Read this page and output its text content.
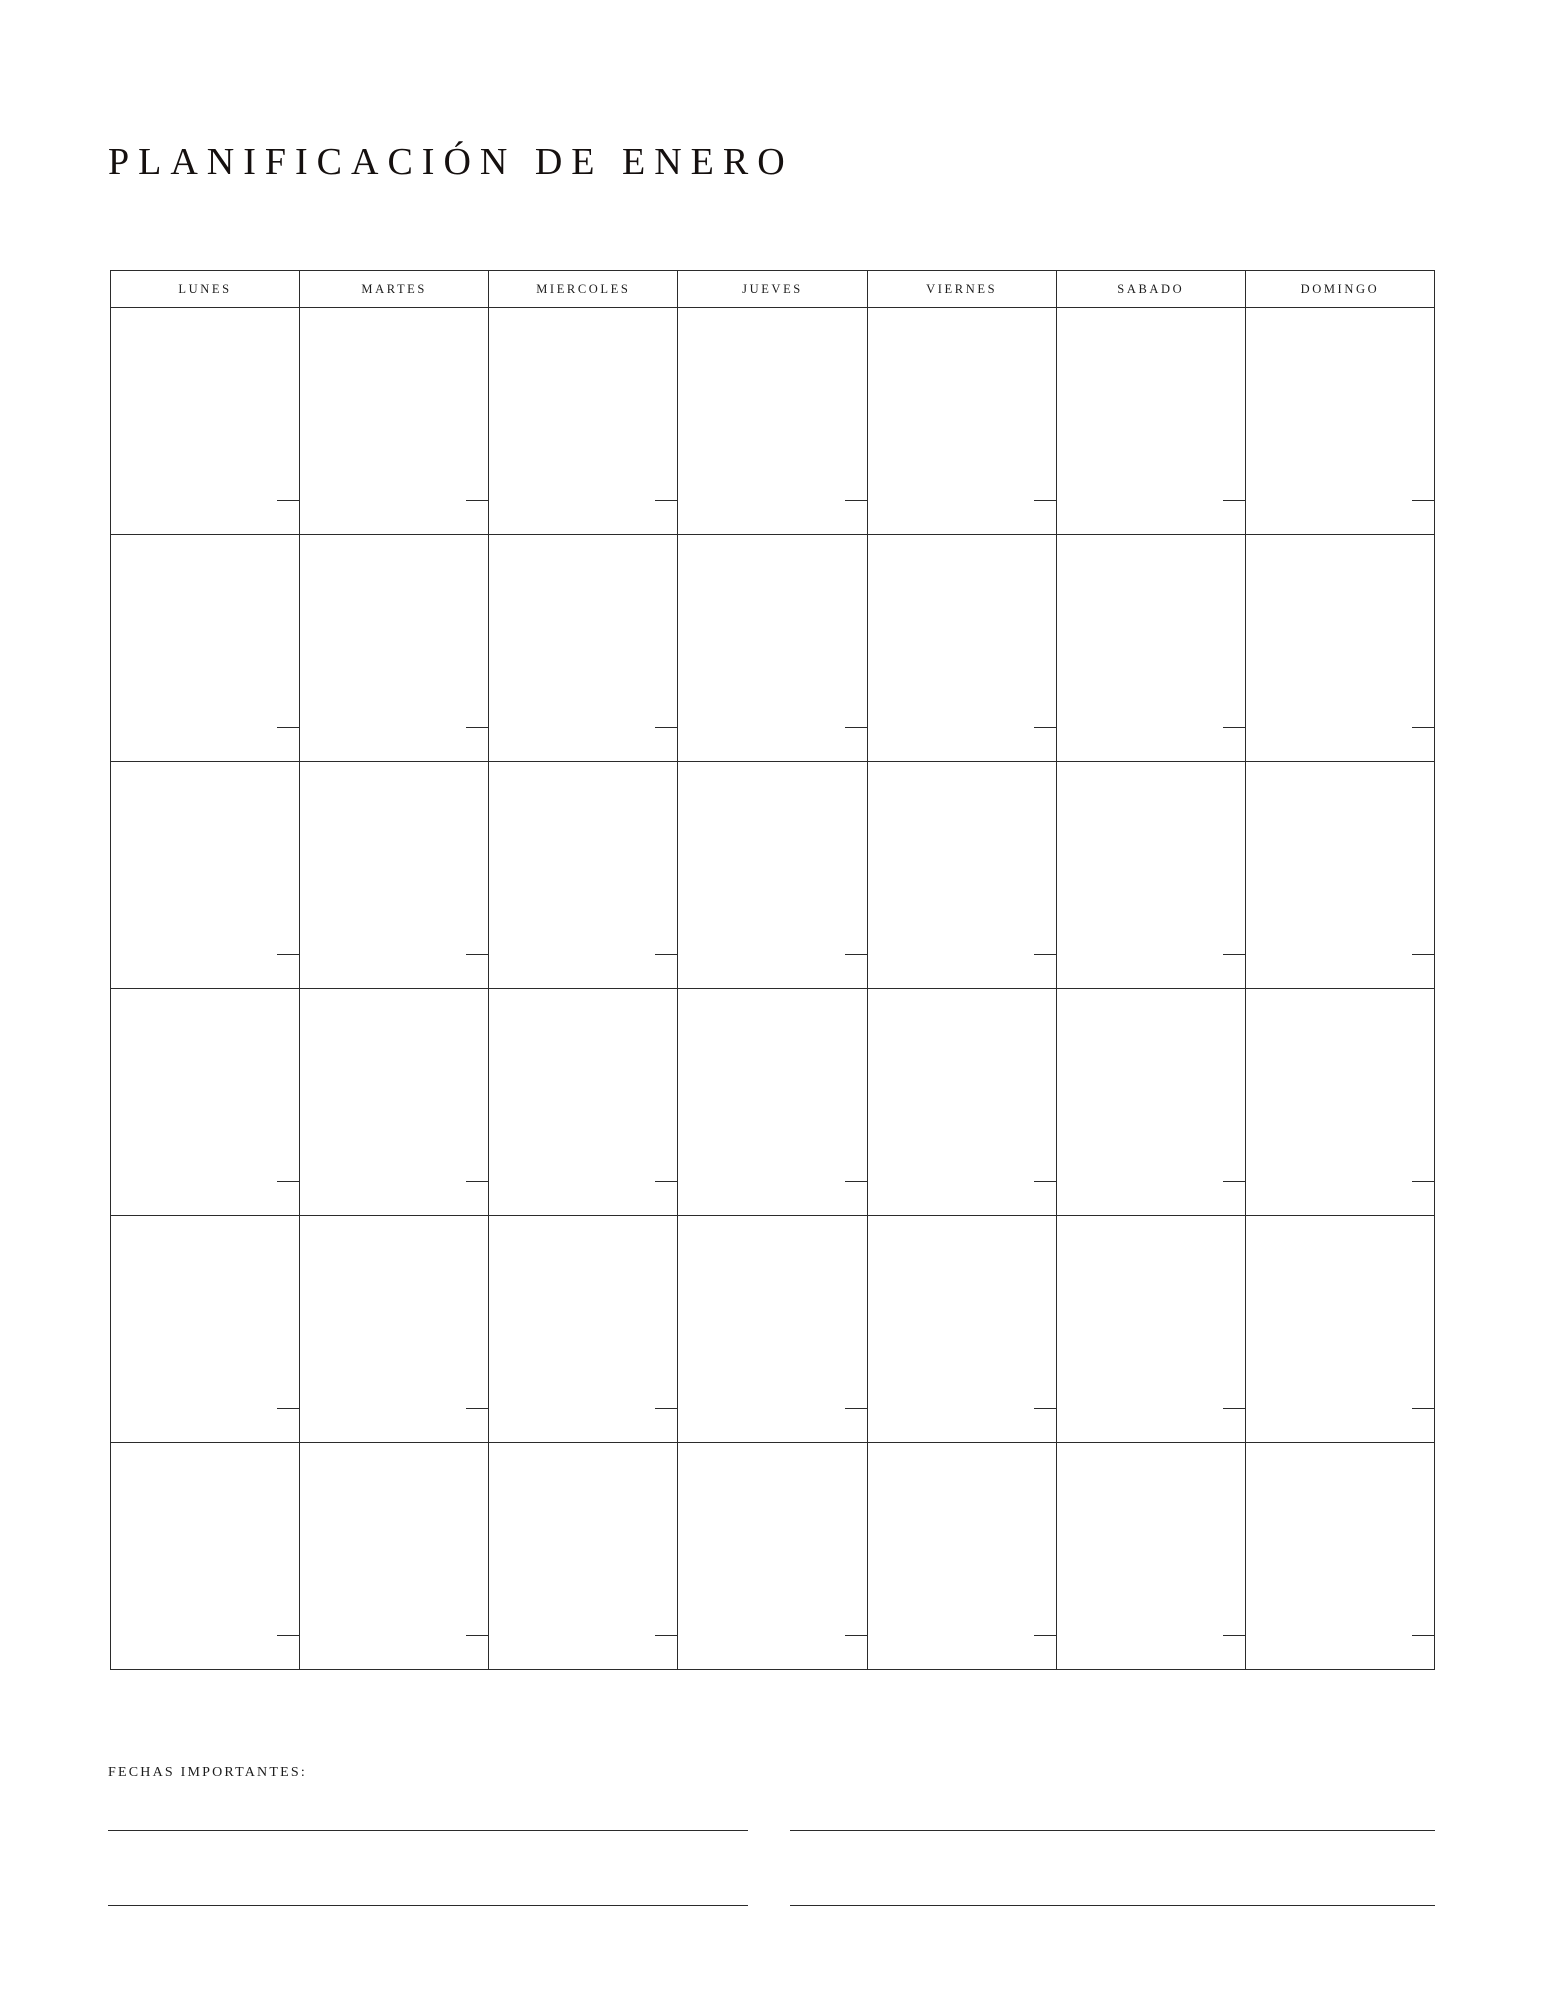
PLANIFICACIÓN DE ENERO
LUNES	MARTES	MIERCOLES	JUEVES	VIERNES	SABADO	DOMINGO
FECHAS IMPORTANTES:
